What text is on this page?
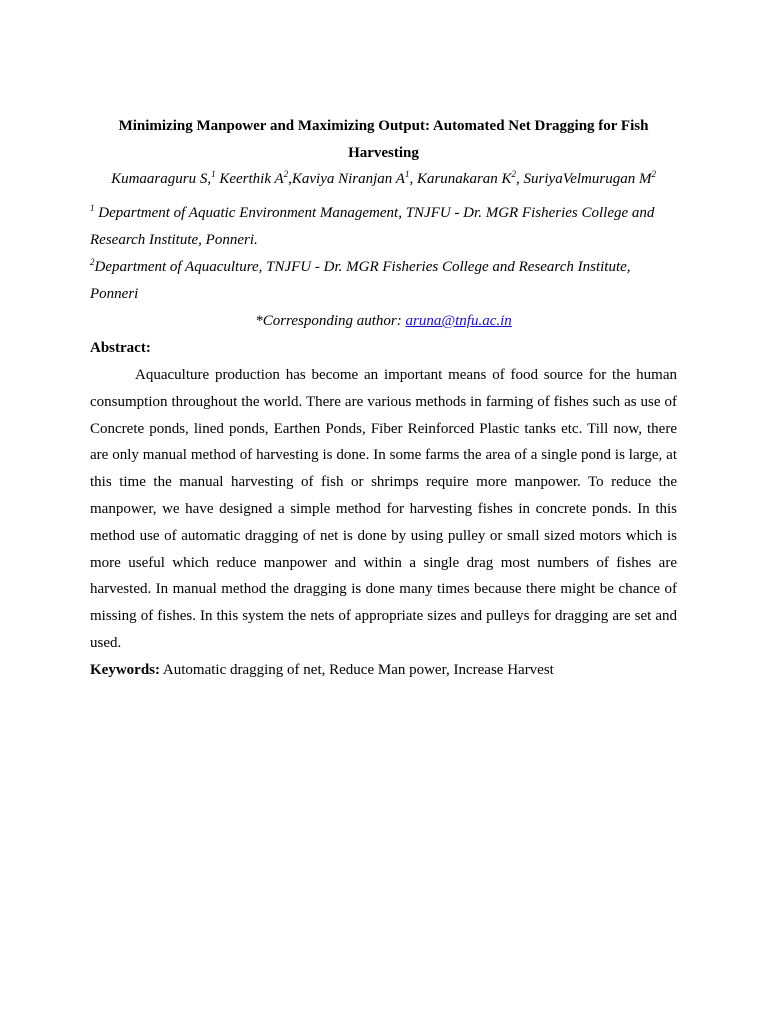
Minimizing Manpower and Maximizing Output: Automated Net Dragging for Fish Harvesting

Kumaaraguru S,$^1$ Keerthik $A^2,Kaviya$ Niranjan $A^1$, Karunakaran $K^2$, SuriyaVelmurugan $M^2$

$^1$ Department of Aquatic Environment Management, TNJFU - Dr. MGR Fisheries College and Research Institute, Ponneri.

$^2$Department of Aquaculture, TNJFU - Dr. MGR Fisheries College and Research Institute, Ponneri

*Corresponding author: aruna@tnfu.ac.in

Abstract:

Aquaculture production has become an important means of food source for the human consumption throughout the world. There are various methods in farming of fishes such as use of Concrete ponds, lined ponds, Earthen Ponds, Fiber Reinforced Plastic tanks etc. Till now, there are only manual method of harvesting is done. In some farms the area of a single pond is large, at this time the manual harvesting of fish or shrimps require more manpower. To reduce the manpower, we have designed a simple method for harvesting fishes in concrete ponds. In this method use of automatic dragging of net is done by using pulley or small sized motors which is more useful which reduce manpower and within a single drag most numbers of fishes are harvested. In manual method the dragging is done many times because there might be chance of missing of fishes. In this system the nets of appropriate sizes and pulleys for dragging are set and used.

Keywords: Automatic dragging of net, Reduce Man power, Increase Harvest
